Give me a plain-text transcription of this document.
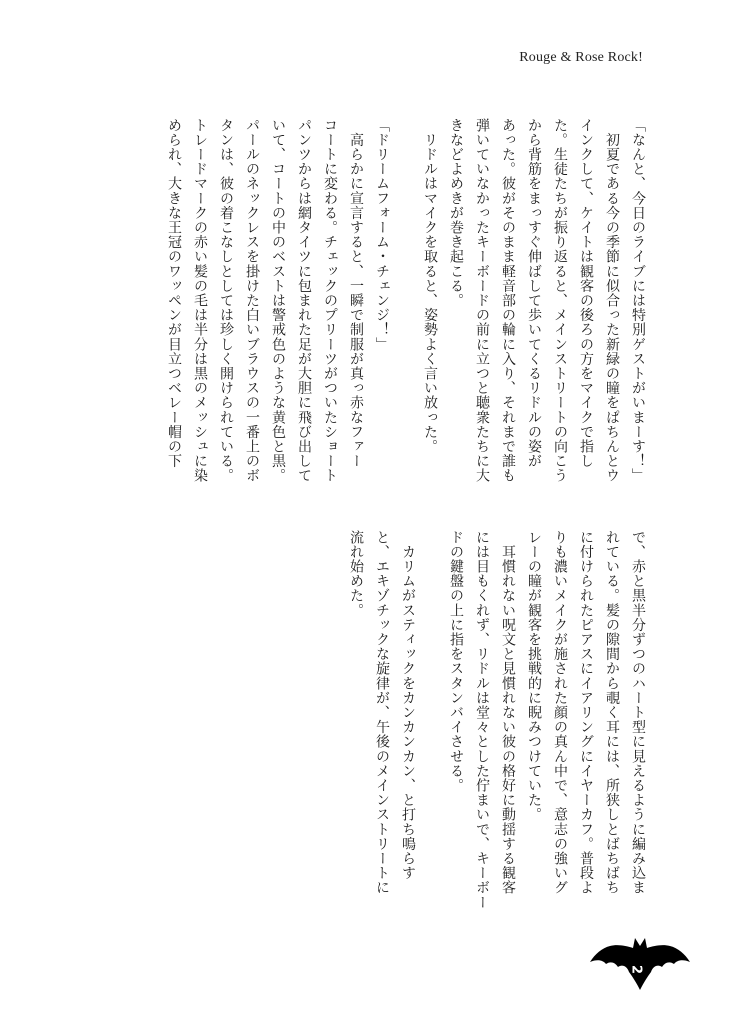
Rouge & Rose Rock!

「なんと、今日のライブには特別ゲストがいまーす！」

　初夏である今の季節に似合った新緑の瞳をぱちんとウ
インクして、ケイトは観客の後ろの方をマイクで指し
た。生徒たちが振り返ると、メインストリートの向こう
から背筋をまっすぐ伸ばして歩いてくるリドルの姿が
あった。彼がそのまま軽音部の輪に入り、それまで誰も
弾いていなかったキーボードの前に立つと聴衆たちに大
きなどよめきが巻き起こる。

　リドルはマイクを取ると、姿勢よく言い放った。

「ドリームフォーム・チェンジ！」

　高らかに宣言すると、一瞬で制服が真っ赤なファー
コートに変わる。チェックのプリーツがついたショート
パンツからは網タイツに包まれた足が大胆に飛び出して
いて、コートの中のベストは警戒色のような黄色と黒。
パールのネックレスを掛けた白いブラウスの一番上のボ
タンは、彼の着こなしとしては珍しく開けられている。
トレードマークの赤い髪の毛は半分は黒のメッシュに染
められ、大きな王冠のワッペンが目立つベレー帽の下

で、赤と黒半分ずつのハート型に見えるように編み込ま
れている。髪の隙間から覗く耳には、所狭しとばちばち
に付けられたピアスにイアリングにイヤーカフ。普段よ
りも濃いメイクが施された顔の真ん中で、意志の強いグ
レーの瞳が観客を挑戦的に睨みつけていた。

　耳慣れない呪文と見慣れない彼の格好に動揺する観客
には目もくれず、リドルは堂々とした佇まいで、キーボー
ドの鍵盤の上に指をスタンバイさせる。

　カリムがスティックをカンカンカン、と打ち鳴らす
と、エキゾチックな旋律が、午後のメインストリートに
流れ始めた。

2
